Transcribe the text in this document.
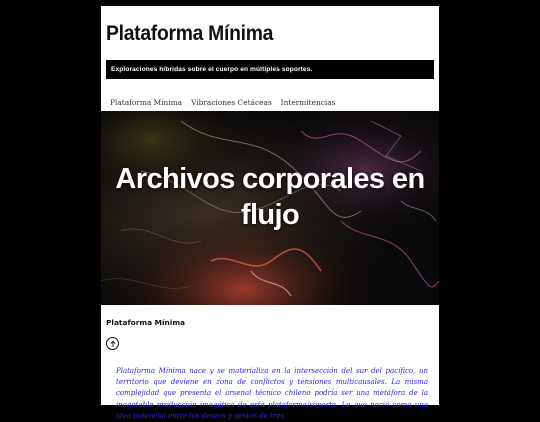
Plataforma Mínima
Exploraciones híbridas sobre el cuerpo en múltiples soportes.
Plataforma Mínima Vibraciones Cetáceas Intermitencias
Archivos corporales en flujo
Plataforma Mínima

Plataforma Mínima nace y se materializa en la intersección del sur del pacífico, un territorio que deviene en zona de conflictos y tensiones multicausales. La misma complejidad que presenta el arsenal técnico chileno podría ser una metáfora de la inagotable producción imagética de esta plataforma/soporte. Lo que nació como una idea potencial entre los deseos y gestos de tres
